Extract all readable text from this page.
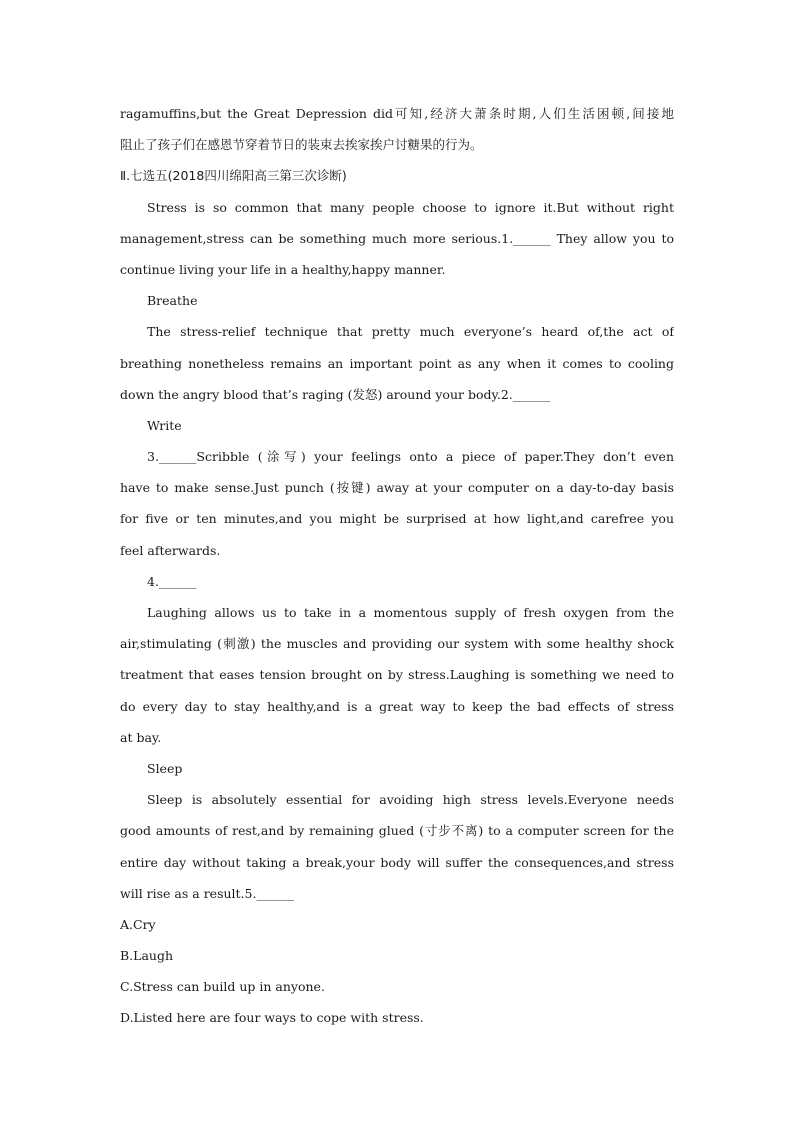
ragamuffins,but the Great Depression did可知,经济大萧条时期,人们生活困顿,间接地
阻止了孩子们在感恩节穿着节日的装束去挨家挨户讨糖果的行为。
Ⅱ.七选五(2018四川绵阳高三第三次诊断)
Stress is so common that many people choose to ignore it.But without right
management,stress can be something much more serious.1.______ They allow you to
continue living your life in a healthy,happy manner.
Breathe
The stress-relief technique that pretty much everyone’s heard of,the act of
breathing nonetheless remains an important point as any when it comes to cooling
down the angry blood that’s raging (发怒) around your body.2.______
Write
3.______Scribble (涂写) your feelings onto a piece of paper.They don’t even
have to make sense.Just punch (按键) away at your computer on a day-to-day basis
for five or ten minutes,and you might be surprised at how light,and carefree you
feel afterwards.
4.______
Laughing allows us to take in a momentous supply of fresh oxygen from the
air,stimulating (刺激) the muscles and providing our system with some healthy shock
treatment that eases tension brought on by stress.Laughing is something we need to
do every day to stay healthy,and is a great way to keep the bad effects of stress
at bay.
Sleep
Sleep is absolutely essential for avoiding high stress levels.Everyone needs
good amounts of rest,and by remaining glued (寸步不离) to a computer screen for the
entire day without taking a break,your body will suffer the consequences,and stress
will rise as a result.5.______
A.Cry
B.Laugh
C.Stress can build up in anyone.
D.Listed here are four ways to cope with stress.
